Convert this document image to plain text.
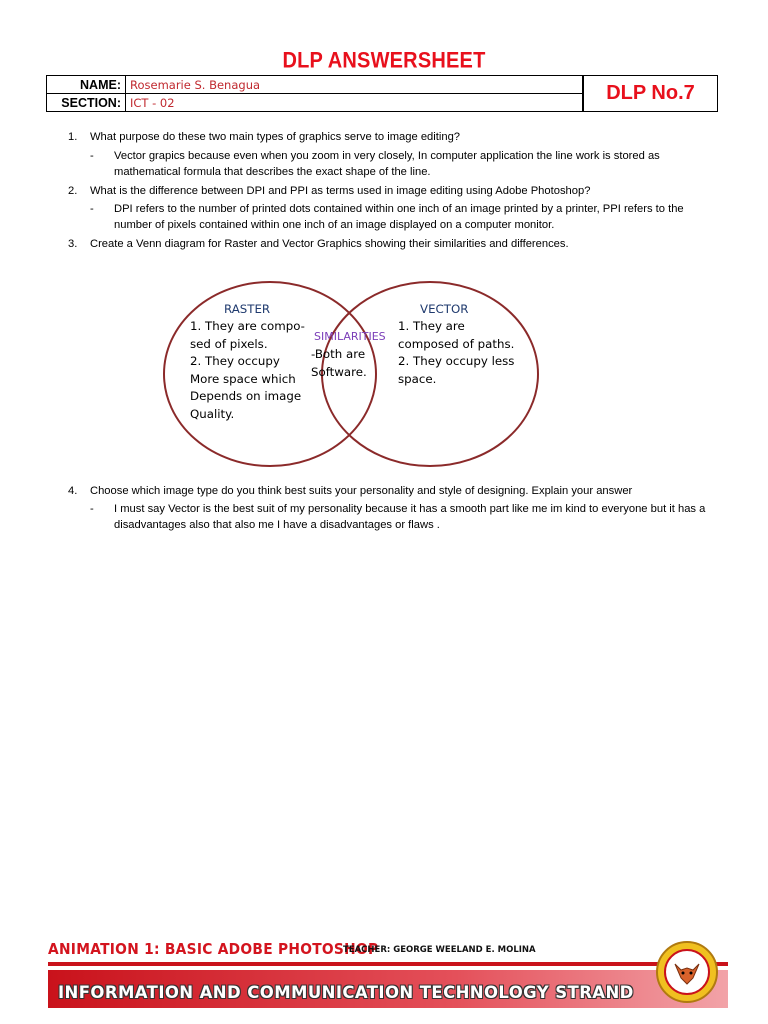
DLP ANSWERSHEET
NAME:	Rosemarie S. Benagua
SECTION:	ICT - 02	DLP No.7
1. What purpose do these two main types of graphics serve to image editing?
- Vector grapics because even when you zoom in very closely, In computer application the line work is stored as mathematical formula that describes the exact shape of the line.
2. What is the difference between DPI and PPI as terms used in image editing using Adobe Photoshop?
- DPI refers to the number of printed dots contained within one inch of an image printed by a printer, PPI refers to the number of pixels contained within one inch of an image displayed on a computer monitor.
3. Create a Venn diagram for Raster and Vector Graphics showing their similarities and differences.
RASTER
1. They are compo-
sed of pixels.
2. They occupy
More space which
Depends on image
Quality.
SIMILARITIES
-Both are
Software.
VECTOR
1. They are
composed of paths.
2. They occupy less
space.
4. Choose which image type do you think best suits your personality and style of designing. Explain your answer
- I must say Vector is the best suit of my personality because it has a smooth part like me im kind to everyone but it has a disadvantages also that also me I have a disadvantages or flaws .
ANIMATION 1: BASIC ADOBE PHOTOSHOP
TEACHER: GEORGE WEELAND E. MOLINA
INFORMATION AND COMMUNICATION TECHNOLOGY STRAND
